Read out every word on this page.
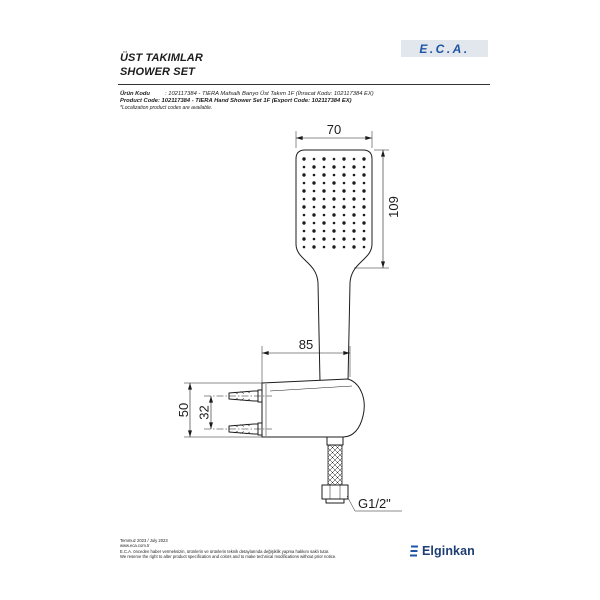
ÜST TAKIMLAR
SHOWER SET
E.C.A.
Ürün Kodu	: 102117384 - TIERA Mafsallı Banyo Üst Takım 1F (İhracat Kodu: 102117384 EX)
Product Code: 102117384 - TIERA Hand Shower Set 1F (Export Code: 102117384 EX)
*Localization product codes are available.
70
109
85
50 32
G1/2"
Temmuz 2023 / July 2023
www.eca.com.tr
E.C.A. önceden haber vermeksizin, ürünlerin ve ürünlerin teknik detaylarında değişiklik yapma hakkını saklı tutar.
We reserve the right to alter product specification and colors and to make technical modifications without prior notice.	Elginkan
